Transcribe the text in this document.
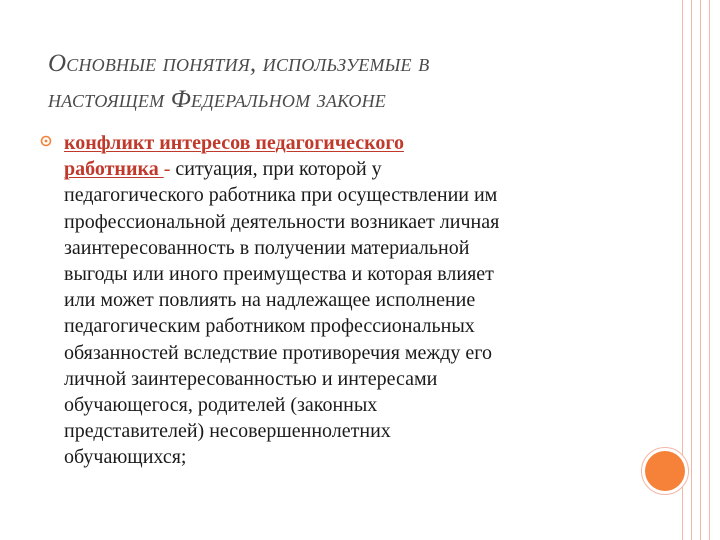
Основные понятия, используемые в
настоящем Федеральном законе
конфликт интересов педагогического
работника - ситуация, при которой у
педагогического работника при осуществлении им
профессиональной деятельности возникает личная
заинтересованность в получении материальной
выгоды или иного преимущества и которая влияет
или может повлиять на надлежащее исполнение
педагогическим работником профессиональных
обязанностей вследствие противоречия между его
личной заинтересованностью и интересами
обучающегося, родителей (законных
представителей) несовершеннолетних
обучающихся;
